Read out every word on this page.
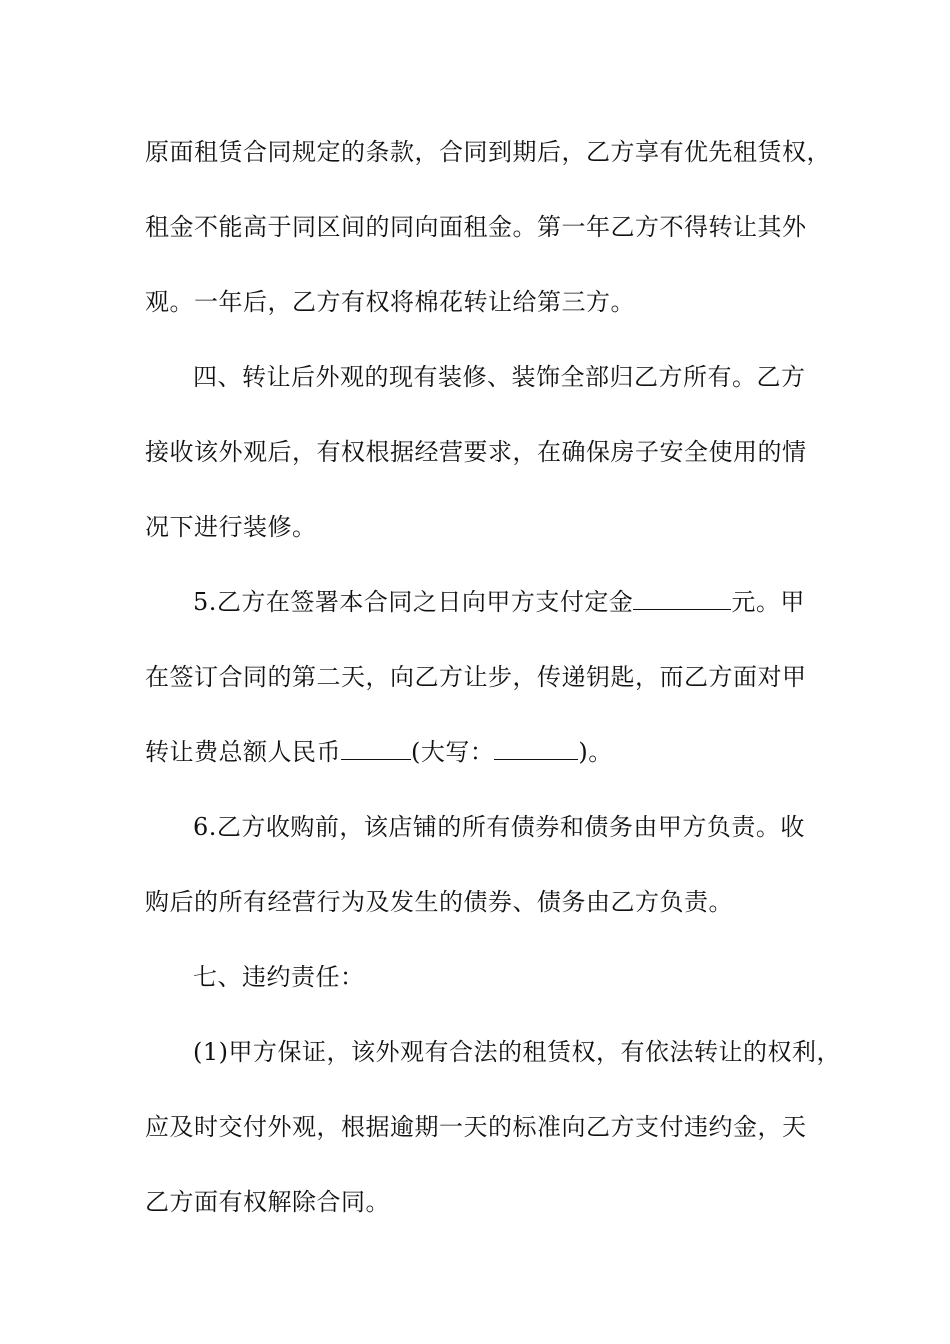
原面租赁合同规定的条款，合同到期后，乙方享有优先租赁权，
租金不能高于同区间的同向面租金。第一年乙方不得转让其外
观。一年后，乙方有权将棉花转让给第三方。
四、转让后外观的现有装修、装饰全部归乙方所有。乙方
接收该外观后，有权根据经营要求，在确保房子安全使用的情
况下进行装修。
5.乙方在签署本合同之日向甲方支付定金	元。甲
在签订合同的第二天，向乙方让步，传递钥匙，而乙方面对甲
转让费总额人民币	(大写：	)。
6.乙方收购前，该店铺的所有债券和债务由甲方负责。收
购后的所有经营行为及发生的债券、债务由乙方负责。
七、违约责任：
(1)甲方保证，该外观有合法的租赁权，有依法转让的权利，
应及时交付外观，根据逾期一天的标准向乙方支付违约金，天
乙方面有权解除合同。
